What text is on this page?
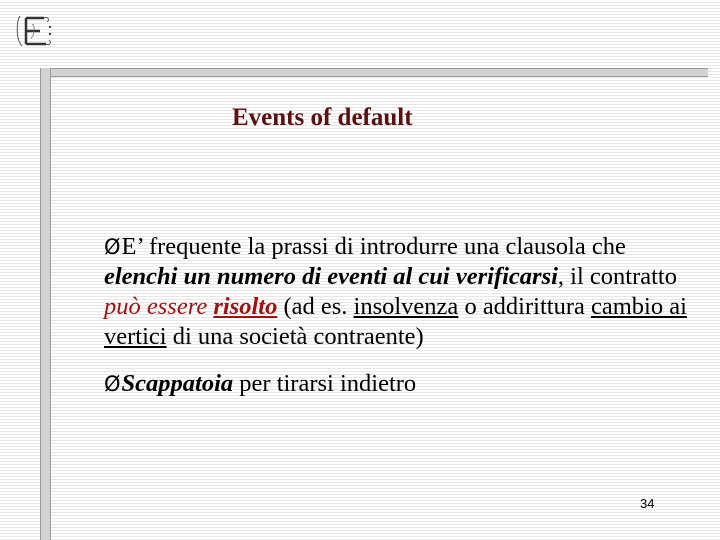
Events of default

ØE’ frequente la prassi di introdurre una clausola che elenchi un numero di eventi al cui verificarsi, il contratto può essere risolto (ad es. insolvenza o addirittura cambio ai vertici di una società contraente)

ØScappatoia per tirarsi indietro

34
